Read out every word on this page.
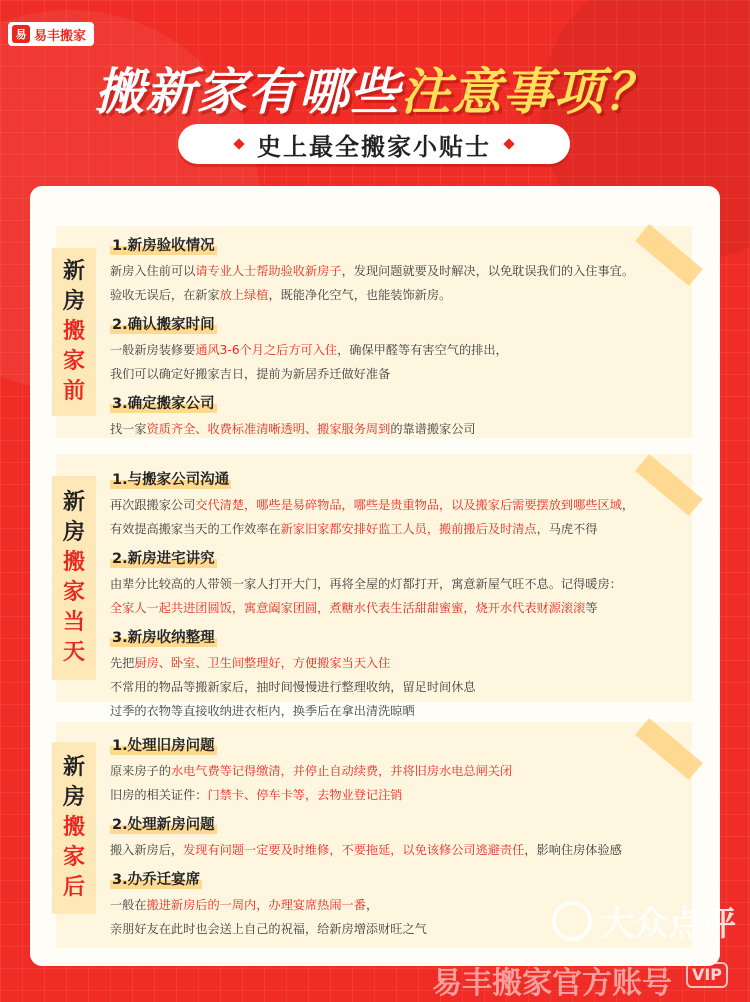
易 易丰搬家
搬新家有哪些注意事项？
史上最全搬家小贴士
新
房
搬
家
前
1.新房验收情况
新房入住前可以请专业人士帮助验收新房子，发现问题就要及时解决，以免耽误我们的入住事宜。
验收无误后，在新家放上绿植，既能净化空气，也能装饰新房。
2.确认搬家时间
一般新房装修要通风3-6个月之后方可入住，确保甲醛等有害空气的排出，
我们可以确定好搬家吉日，提前为新居乔迁做好准备
3.确定搬家公司
找一家资质齐全、收费标准清晰透明、搬家服务周到的靠谱搬家公司
新
房
搬
家
当
天
1.与搬家公司沟通
再次跟搬家公司交代清楚，哪些是易碎物品，哪些是贵重物品，以及搬家后需要摆放到哪些区域，
有效提高搬家当天的工作效率在新家旧家都安排好监工人员，搬前搬后及时清点，马虎不得
2.新房进宅讲究
由辈分比较高的人带领一家人打开大门，再将全屋的灯都打开，寓意新屋气旺不息。记得暖房：
全家人一起共进团圆饭，寓意阖家团圆，煮糖水代表生活甜甜蜜蜜，烧开水代表财源滚滚等
3.新房收纳整理
先把厨房、卧室、卫生间整理好，方便搬家当天入住
不常用的物品等搬新家后，抽时间慢慢进行整理收纳，留足时间休息
过季的衣物等直接收纳进衣柜内，换季后在拿出清洗晾晒
新
房
搬
家
后
1.处理旧房问题
原来房子的水电气费等记得缴清，并停止自动续费，并将旧房水电总闸关闭
旧房的相关证件：门禁卡、停车卡等，去物业登记注销
2.处理新房问题
搬入新房后，发现有问题一定要及时维修，不要拖延，以免该修公司逃避责任，影响住房体验感
3.办乔迁宴席
一般在搬进新房后的一周内，办理宴席热闹一番，
亲朋好友在此时也会送上自己的祝福，给新房增添财旺之气	大众点评
易丰搬家官方账号	VIP
